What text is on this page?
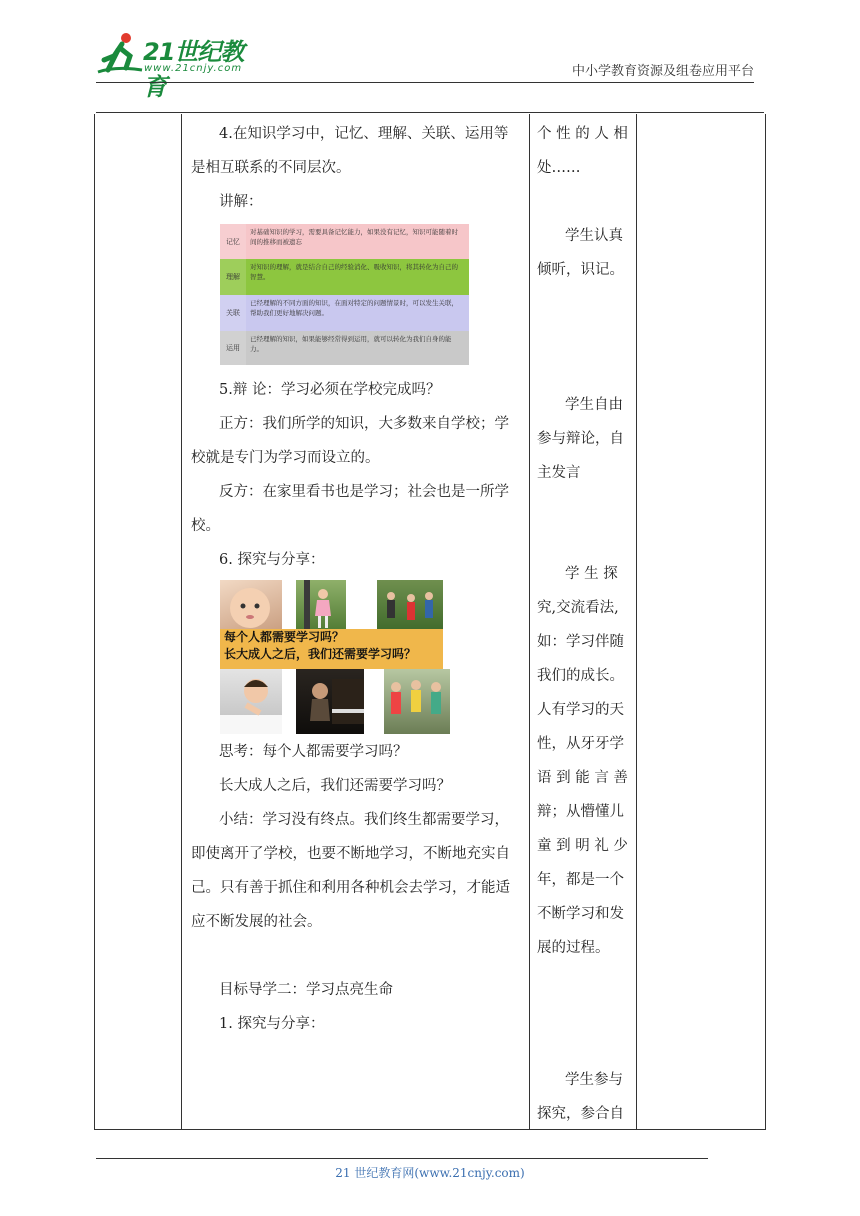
21世纪教育
www.21cnjy.com	中小学教育资源及组卷应用平台
4.在知识学习中，记忆、理解、关联、运用等
是相互联系的不同层次。
讲解：
记忆
对基础知识的学习，需要具备记忆能力，如果没有记忆，知识可能随着时间的推移而被遗忘
理解
对知识的理解，就是结合自己的经验消化、吸收知识，将其转化为自己的智慧。
关联
已经理解的不同方面的知识，在面对特定的问题情景时，可以发生关联，帮助我们更好地解决问题。
运用
已经理解的知识，如果能够经常得到运用，就可以转化为我们自身的能力。
5.辩 论：学习必须在学校完成吗？
正方：我们所学的知识，大多数来自学校；学
校就是专门为学习而设立的。
反方：在家里看书也是学习；社会也是一所学
校。
6. 探究与分享：
每个人都需要学习吗？
长大成人之后，我们还需要学习吗？
思考：每个人都需要学习吗？
长大成人之后，我们还需要学习吗？
小结：学习没有终点。我们终生都需要学习，
即使离开了学校，也要不断地学习，不断地充实自
己。只有善于抓住和利用各种机会去学习，才能适
应不断发展的社会。
目标导学二：学习点亮生命
1. 探究与分享：
个 性 的 人 相
处……
学生认真
倾听，识记。
学生自由
参与辩论，自
主发言
学 生 探
究,交流看法,
如：学习伴随
我们的成长。
人有学习的天
性，从牙牙学
语 到 能 言 善
辩；从懵懂儿
童 到 明 礼 少
年，都是一个
不断学习和发
展的过程。
学生参与
探究，参合自
21 世纪教育网(www.21cnjy.com)
